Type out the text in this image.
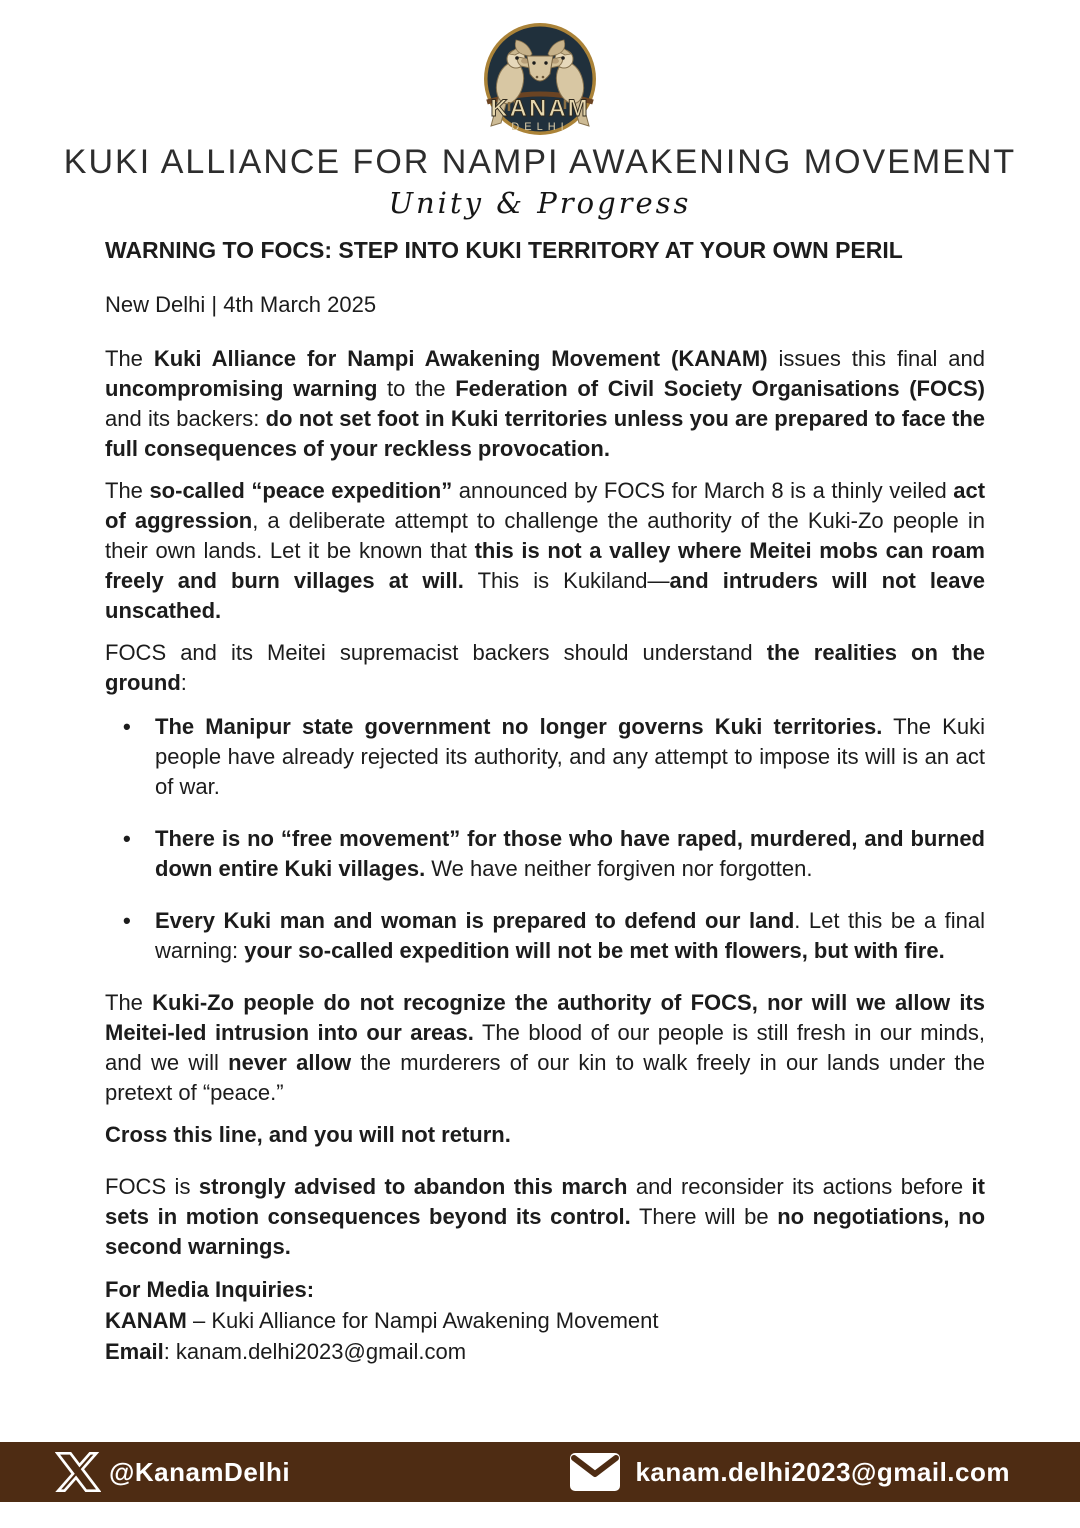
KANAM
DELHI
KUKI ALLIANCE FOR NAMPI AWAKENING MOVEMENT
Unity & Progress
WARNING TO FOCS: STEP INTO KUKI TERRITORY AT YOUR OWN PERIL

New Delhi | 4th March 2025

The Kuki Alliance for Nampi Awakening Movement (KANAM) issues this final and uncompromising warning to the Federation of Civil Society Organisations (FOCS) and its backers: do not set foot in Kuki territories unless you are prepared to face the full consequences of your reckless provocation.

The so-called “peace expedition” announced by FOCS for March 8 is a thinly veiled act of aggression, a deliberate attempt to challenge the authority of the Kuki-Zo people in their own lands. Let it be known that this is not a valley where Meitei mobs can roam freely and burn villages at will. This is Kukiland—and intruders will not leave unscathed.

FOCS and its Meitei supremacist backers should understand the realities on the ground:

•	The Manipur state government no longer governs Kuki territories. The Kuki people have already rejected its authority, and any attempt to impose its will is an act of war.
•	There is no “free movement” for those who have raped, murdered, and burned down entire Kuki villages. We have neither forgiven nor forgotten.
•	Every Kuki man and woman is prepared to defend our land. Let this be a final warning: your so-called expedition will not be met with flowers, but with fire.

The Kuki-Zo people do not recognize the authority of FOCS, nor will we allow its Meitei-led intrusion into our areas. The blood of our people is still fresh in our minds, and we will never allow the murderers of our kin to walk freely in our lands under the pretext of “peace.”

Cross this line, and you will not return.

FOCS is strongly advised to abandon this march and reconsider its actions before it sets in motion consequences beyond its control. There will be no negotiations, no second warnings.

For Media Inquiries:

KANAM – Kuki Alliance for Nampi Awakening Movement

Email: kanam.delhi2023@gmail.com

@KanamDelhi	kanam.delhi2023@gmail.com
